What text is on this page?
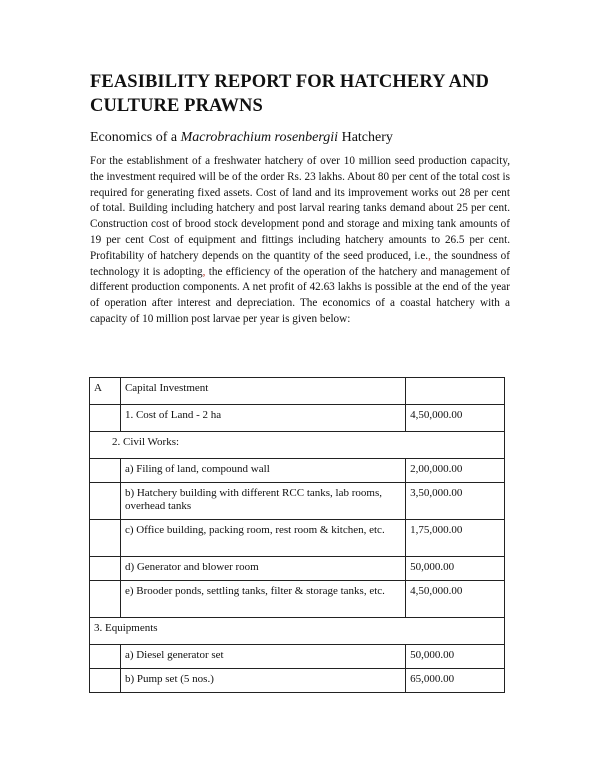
FEASIBILITY REPORT FOR HATCHERY AND CULTURE PRAWNS

Economics of a Macrobrachium rosenbergii Hatchery

For the establishment of a freshwater hatchery of over 10 million seed production capacity, the investment required will be of the order Rs. 23 lakhs. About 80 per cent of the total cost is required for generating fixed assets. Cost of land and its improvement works out 28 per cent of total. Building including hatchery and post larval rearing tanks demand about 25 per cent. Construction cost of brood stock development pond and storage and mixing tank amounts of 19 per cent Cost of equipment and fittings including hatchery amounts to 26.5 per cent. Profitability of hatchery depends on the quantity of the seed produced, i.e., the soundness of technology it is adopting, the efficiency of the operation of the hatchery and management of different production components. A net profit of 42.63 lakhs is possible at the end of the year of operation after interest and depreciation. The economics of a coastal hatchery with a capacity of 10 million post larvae per year is given below:

A	Capital Investment	
	1. Cost of Land - 2 ha	4,50,000.00
2. Civil Works:		
	a) Filing of land, compound wall	2,00,000.00
	b) Hatchery building with different RCC tanks, lab rooms, overhead tanks	3,50,000.00
	c) Office building, packing room, rest room & kitchen, etc.	1,75,000.00
	d) Generator and blower room	50,000.00
	e) Brooder ponds, settling tanks, filter & storage tanks, etc.	4,50,000.00
3. Equipments		
	a) Diesel generator set	50,000.00
	b) Pump set (5 nos.)	65,000.00
